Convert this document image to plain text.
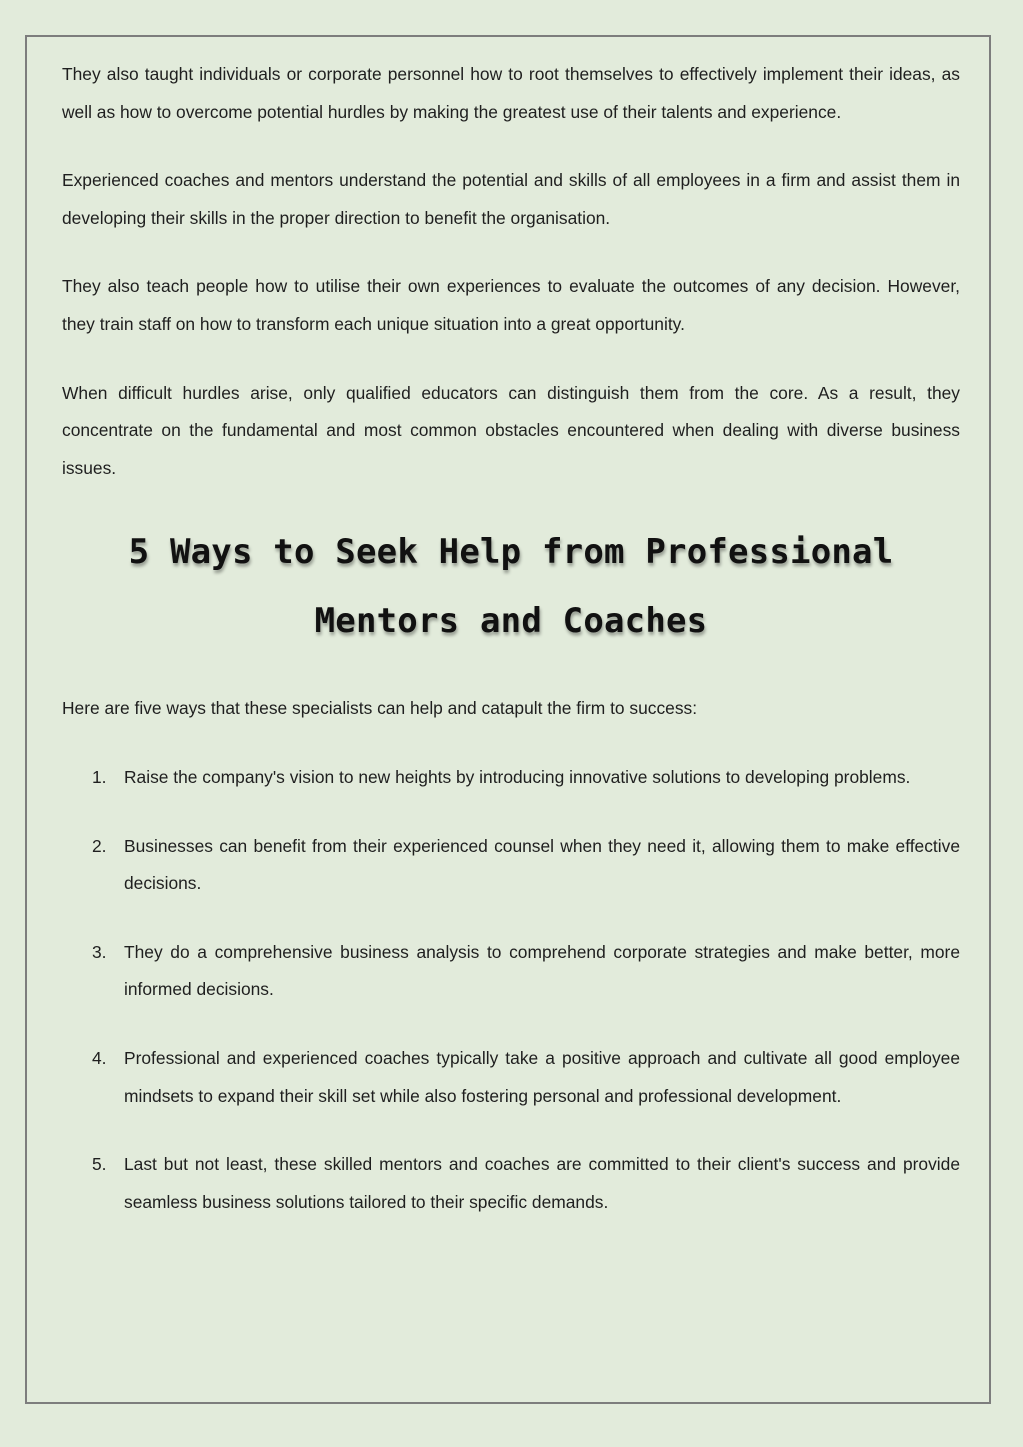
They also taught individuals or corporate personnel how to root themselves to effectively implement their ideas, as well as how to overcome potential hurdles by making the greatest use of their talents and experience.

Experienced coaches and mentors understand the potential and skills of all employees in a firm and assist them in developing their skills in the proper direction to benefit the organisation.

They also teach people how to utilise their own experiences to evaluate the outcomes of any decision. However, they train staff on how to transform each unique situation into a great opportunity.

When difficult hurdles arise, only qualified educators can distinguish them from the core. As a result, they concentrate on the fundamental and most common obstacles encountered when dealing with diverse business issues.

5 Ways to Seek Help from Professional
Mentors and Coaches

Here are five ways that these specialists can help and catapult the firm to success:

1. Raise the company's vision to new heights by introducing innovative solutions to developing problems.
2. Businesses can benefit from their experienced counsel when they need it, allowing them to make effective decisions.
3. They do a comprehensive business analysis to comprehend corporate strategies and make better, more informed decisions.
4. Professional and experienced coaches typically take a positive approach and cultivate all good employee mindsets to expand their skill set while also fostering personal and professional development.
5. Last but not least, these skilled mentors and coaches are committed to their client's success and provide seamless business solutions tailored to their specific demands.
